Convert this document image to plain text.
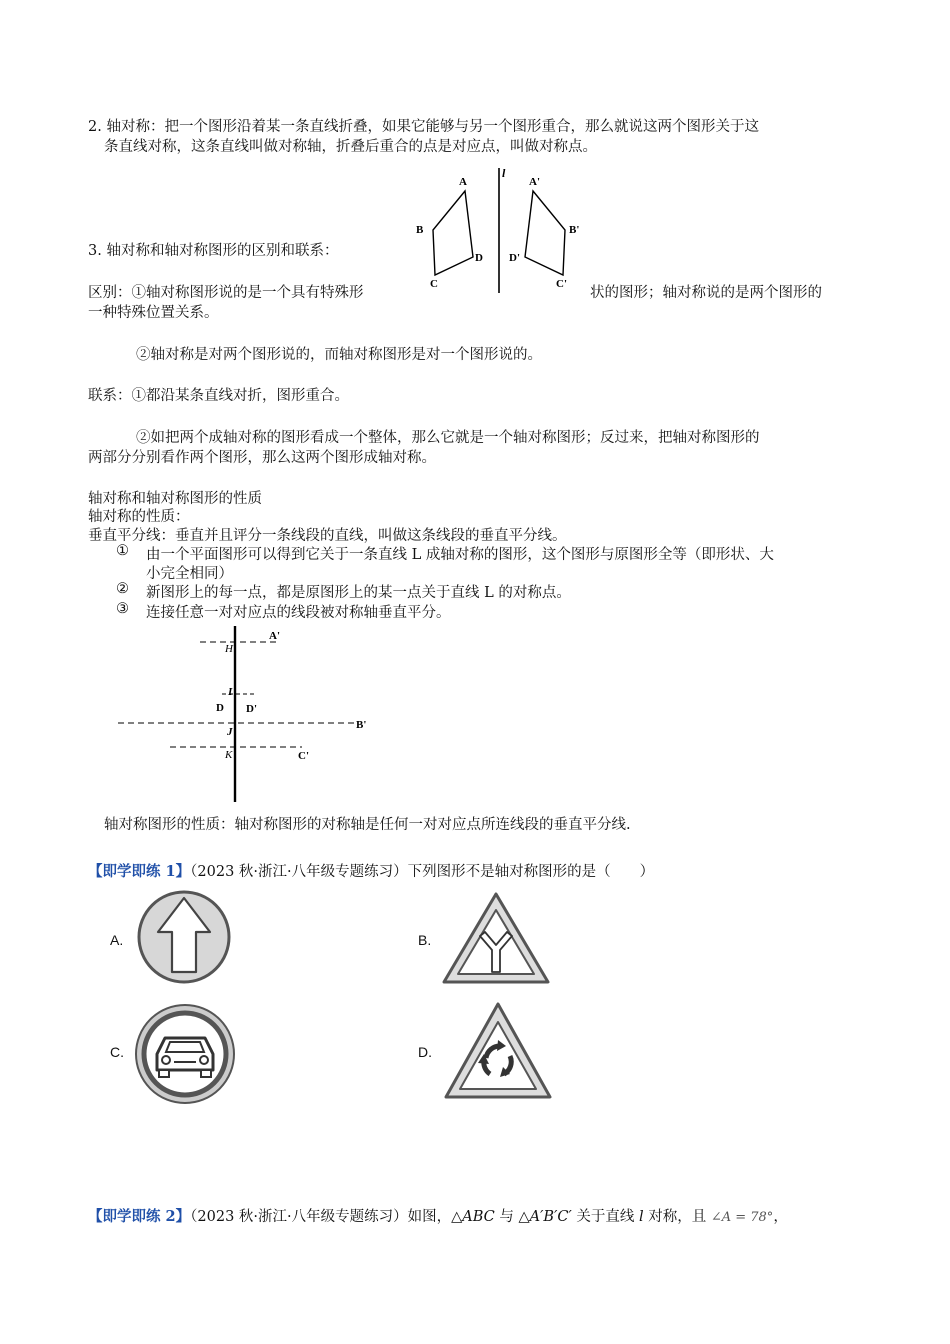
2. 轴对称：把一个图形沿着某一条直线折叠，如果它能够与另一个图形重合，那么就说这两个图形关于这
条直线对称，这条直线叫做对称轴，折叠后重合的点是对应点，叫做对称点。
l
A
B
C
D
A'
B'
C'
D'
3. 轴对称和轴对称图形的区别和联系：
区别：①轴对称图形说的是一个具有特殊形	状的图形；轴对称说的是两个图形的
一种特殊位置关系。
②轴对称是对两个图形说的，而轴对称图形是对一个图形说的。
联系：①都沿某条直线对折，图形重合。
②如把两个成轴对称的图形看成一个整体，那么它就是一个轴对称图形；反过来，把轴对称图形的
两部分分别看作两个图形，那么这两个图形成轴对称。
轴对称和轴对称图形的性质
轴对称的性质：
垂直平分线：垂直并且评分一条线段的直线，叫做这条线段的垂直平分线。
① 由一个平面图形可以得到它关于一条直线 L 成轴对称的图形，这个图形与原图形全等（即形状、大
小完全相同）
② 新图形上的每一点，都是原图形上的某一点关于直线 L 的对称点。
③ 连接任意一对对应点的线段被对称轴垂直平分。
A'
H
I
D D'
B'
J
K	C'
轴对称图形的性质：轴对称图形的对称轴是任何一对对应点所连线段的垂直平分线.
【即学即练 1】（2023 秋·浙江·八年级专题练习）下列图形不是轴对称图形的是（　　）
A.	B.
C.	D.
【即学即练 2】（2023 秋·浙江·八年级专题练习）如图，△ABC 与 △A′B′C′ 关于直线 l 对称，且 ∠A = 78°，
